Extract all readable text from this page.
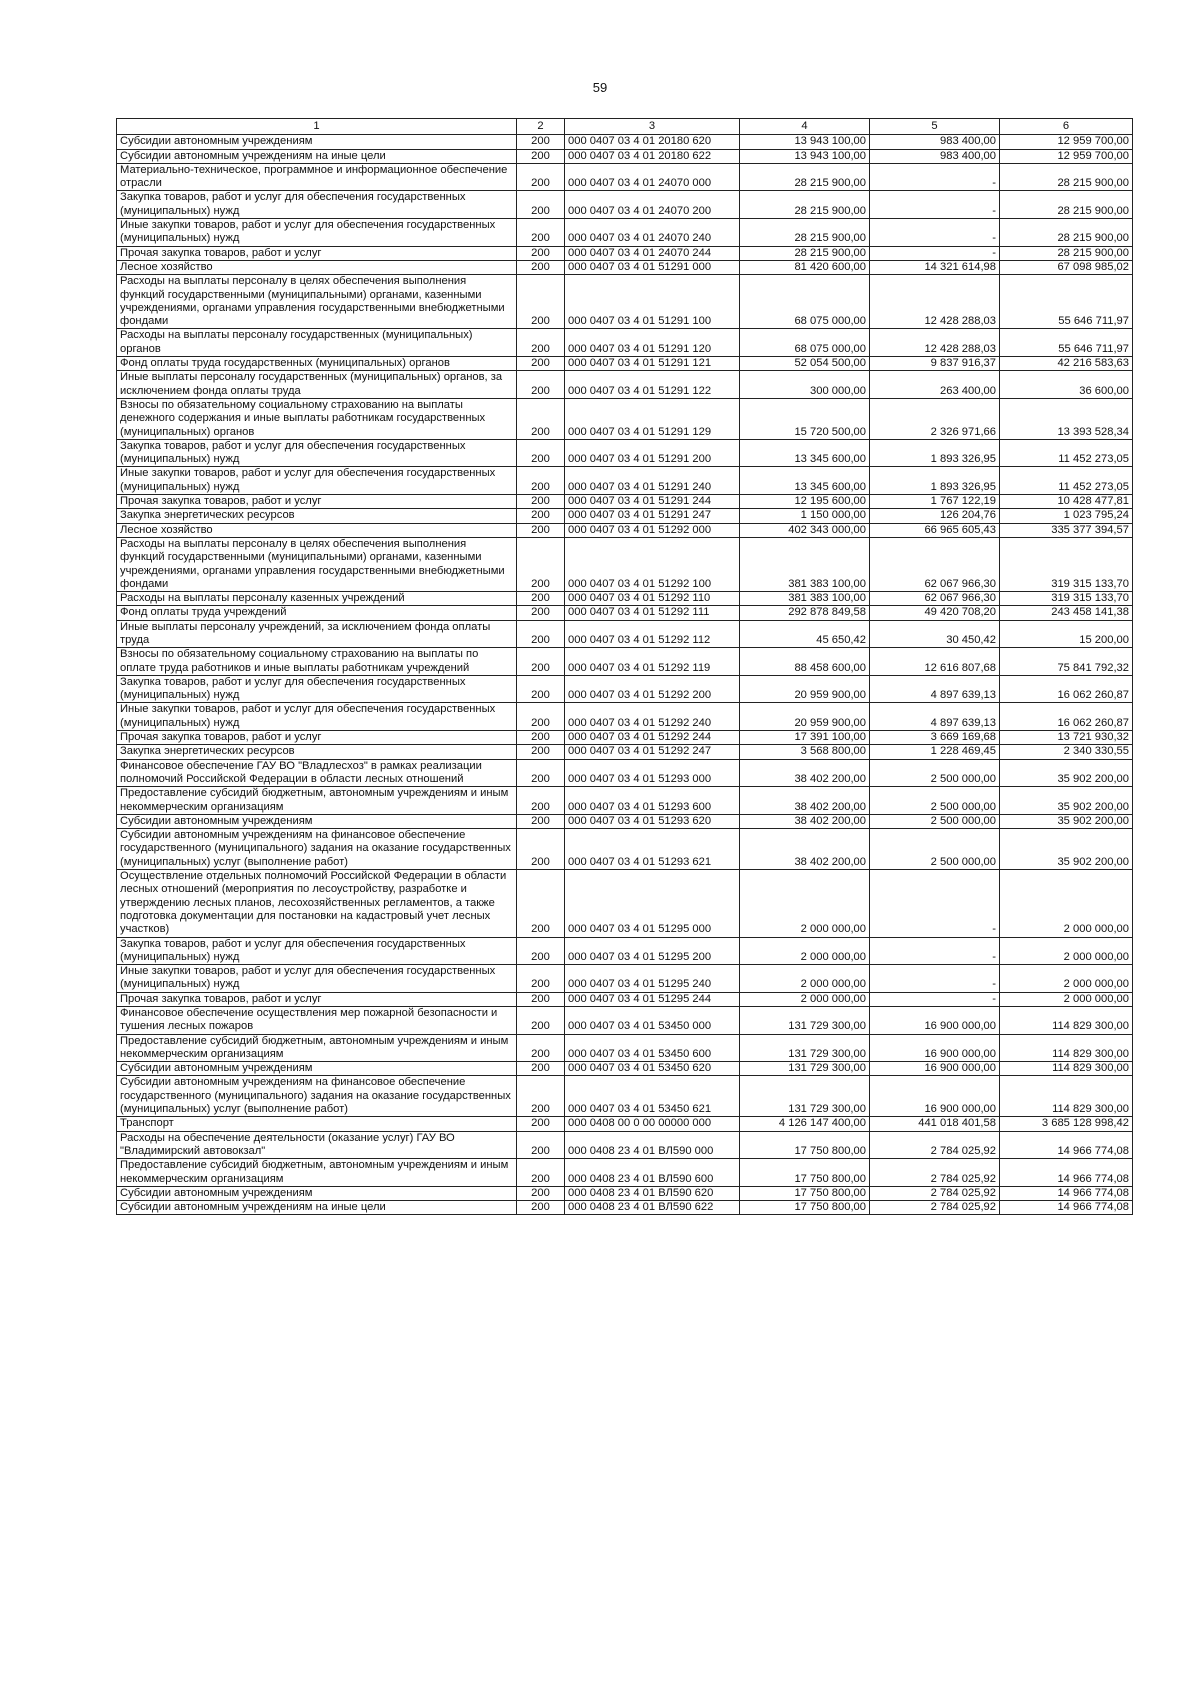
59
1	2	3	4	5	6
Субсидии автономным учреждениям	200	000 0407 03 4 01 20180 620	13 943 100,00	983 400,00	12 959 700,00
Субсидии автономным учреждениям на иные цели	200	000 0407 03 4 01 20180 622	13 943 100,00	983 400,00	12 959 700,00
Материально-техническое, программное и информационное обеспечение отрасли	200	000 0407 03 4 01 24070 000	28 215 900,00	-	28 215 900,00
Закупка товаров, работ и услуг для обеспечения государственных (муниципальных) нужд	200	000 0407 03 4 01 24070 200	28 215 900,00	-	28 215 900,00
Иные закупки товаров, работ и услуг для обеспечения государственных (муниципальных) нужд	200	000 0407 03 4 01 24070 240	28 215 900,00	-	28 215 900,00
Прочая закупка товаров, работ и услуг	200	000 0407 03 4 01 24070 244	28 215 900,00	-	28 215 900,00
Лесное хозяйство	200	000 0407 03 4 01 51291 000	81 420 600,00	14 321 614,98	67 098 985,02
Расходы на выплаты персоналу в целях обеспечения выполнения функций государственными (муниципальными) органами, казенными учреждениями, органами управления государственными внебюджетными фондами	200	000 0407 03 4 01 51291 100	68 075 000,00	12 428 288,03	55 646 711,97
Расходы на выплаты персоналу государственных (муниципальных) органов	200	000 0407 03 4 01 51291 120	68 075 000,00	12 428 288,03	55 646 711,97
Фонд оплаты труда государственных (муниципальных) органов	200	000 0407 03 4 01 51291 121	52 054 500,00	9 837 916,37	42 216 583,63
Иные выплаты персоналу государственных (муниципальных) органов, за исключением фонда оплаты труда	200	000 0407 03 4 01 51291 122	300 000,00	263 400,00	36 600,00
Взносы по обязательному социальному страхованию на выплаты денежного содержания и иные выплаты работникам государственных (муниципальных) органов	200	000 0407 03 4 01 51291 129	15 720 500,00	2 326 971,66	13 393 528,34
Закупка товаров, работ и услуг для обеспечения государственных (муниципальных) нужд	200	000 0407 03 4 01 51291 200	13 345 600,00	1 893 326,95	11 452 273,05
Иные закупки товаров, работ и услуг для обеспечения государственных (муниципальных) нужд	200	000 0407 03 4 01 51291 240	13 345 600,00	1 893 326,95	11 452 273,05
Прочая закупка товаров, работ и услуг	200	000 0407 03 4 01 51291 244	12 195 600,00	1 767 122,19	10 428 477,81
Закупка энергетических ресурсов	200	000 0407 03 4 01 51291 247	1 150 000,00	126 204,76	1 023 795,24
Лесное хозяйство	200	000 0407 03 4 01 51292 000	402 343 000,00	66 965 605,43	335 377 394,57
Расходы на выплаты персоналу в целях обеспечения выполнения функций государственными (муниципальными) органами, казенными учреждениями, органами управления государственными внебюджетными фондами	200	000 0407 03 4 01 51292 100	381 383 100,00	62 067 966,30	319 315 133,70
Расходы на выплаты персоналу казенных учреждений	200	000 0407 03 4 01 51292 110	381 383 100,00	62 067 966,30	319 315 133,70
Фонд оплаты труда учреждений	200	000 0407 03 4 01 51292 111	292 878 849,58	49 420 708,20	243 458 141,38
Иные выплаты персоналу учреждений, за исключением фонда оплаты труда	200	000 0407 03 4 01 51292 112	45 650,42	30 450,42	15 200,00
Взносы по обязательному социальному страхованию на выплаты по оплате труда работников и иные выплаты работникам учреждений	200	000 0407 03 4 01 51292 119	88 458 600,00	12 616 807,68	75 841 792,32
Закупка товаров, работ и услуг для обеспечения государственных (муниципальных) нужд	200	000 0407 03 4 01 51292 200	20 959 900,00	4 897 639,13	16 062 260,87
Иные закупки товаров, работ и услуг для обеспечения государственных (муниципальных) нужд	200	000 0407 03 4 01 51292 240	20 959 900,00	4 897 639,13	16 062 260,87
Прочая закупка товаров, работ и услуг	200	000 0407 03 4 01 51292 244	17 391 100,00	3 669 169,68	13 721 930,32
Закупка энергетических ресурсов	200	000 0407 03 4 01 51292 247	3 568 800,00	1 228 469,45	2 340 330,55
Финансовое обеспечение ГАУ ВО "Владлесхоз" в рамках реализации полномочий Российской Федерации в области лесных отношений	200	000 0407 03 4 01 51293 000	38 402 200,00	2 500 000,00	35 902 200,00
Предоставление субсидий бюджетным, автономным учреждениям и иным некоммерческим организациям	200	000 0407 03 4 01 51293 600	38 402 200,00	2 500 000,00	35 902 200,00
Субсидии автономным учреждениям	200	000 0407 03 4 01 51293 620	38 402 200,00	2 500 000,00	35 902 200,00
Субсидии автономным учреждениям на финансовое обеспечение государственного (муниципального) задания на оказание государственных (муниципальных) услуг (выполнение работ)	200	000 0407 03 4 01 51293 621	38 402 200,00	2 500 000,00	35 902 200,00
Осуществление отдельных полномочий Российской Федерации в области лесных отношений (мероприятия по лесоустройству, разработке и утверждению лесных планов, лесохозяйственных регламентов, а также подготовка документации для постановки на кадастровый учет лесных участков)	200	000 0407 03 4 01 51295 000	2 000 000,00	-	2 000 000,00
Закупка товаров, работ и услуг для обеспечения государственных (муниципальных) нужд	200	000 0407 03 4 01 51295 200	2 000 000,00	-	2 000 000,00
Иные закупки товаров, работ и услуг для обеспечения государственных (муниципальных) нужд	200	000 0407 03 4 01 51295 240	2 000 000,00	-	2 000 000,00
Прочая закупка товаров, работ и услуг	200	000 0407 03 4 01 51295 244	2 000 000,00	-	2 000 000,00
Финансовое обеспечение осуществления мер пожарной безопасности и тушения лесных пожаров	200	000 0407 03 4 01 53450 000	131 729 300,00	16 900 000,00	114 829 300,00
Предоставление субсидий бюджетным, автономным учреждениям и иным некоммерческим организациям	200	000 0407 03 4 01 53450 600	131 729 300,00	16 900 000,00	114 829 300,00
Субсидии автономным учреждениям	200	000 0407 03 4 01 53450 620	131 729 300,00	16 900 000,00	114 829 300,00
Субсидии автономным учреждениям на финансовое обеспечение государственного (муниципального) задания на оказание государственных (муниципальных) услуг (выполнение работ)	200	000 0407 03 4 01 53450 621	131 729 300,00	16 900 000,00	114 829 300,00
Транспорт	200	000 0408 00 0 00 00000 000	4 126 147 400,00	441 018 401,58	3 685 128 998,42
Расходы на обеспечение деятельности (оказание услуг) ГАУ ВО "Владимирский автовокзал"	200	000 0408 23 4 01 ВЛ590 000	17 750 800,00	2 784 025,92	14 966 774,08
Предоставление субсидий бюджетным, автономным учреждениям и иным некоммерческим организациям	200	000 0408 23 4 01 ВЛ590 600	17 750 800,00	2 784 025,92	14 966 774,08
Субсидии автономным учреждениям	200	000 0408 23 4 01 ВЛ590 620	17 750 800,00	2 784 025,92	14 966 774,08
Субсидии автономным учреждениям на иные цели	200	000 0408 23 4 01 ВЛ590 622	17 750 800,00	2 784 025,92	14 966 774,08
